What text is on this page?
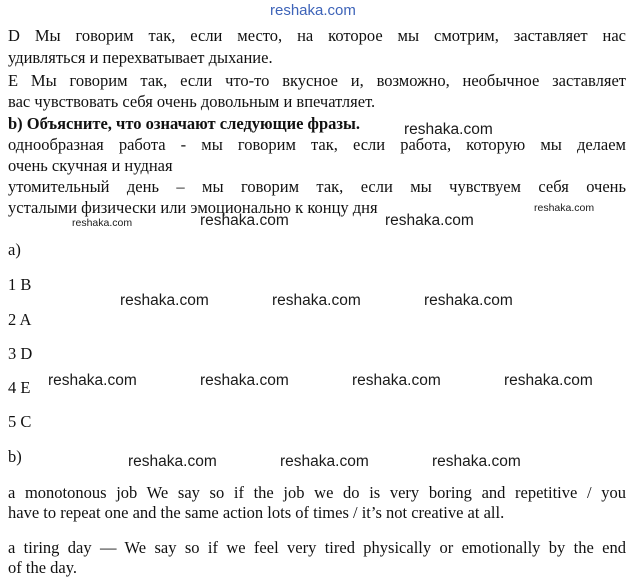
reshaka.com
D Мы говорим так, если место, на которое мы смотрим, заставляет нас
удивляться и перехватывает дыхание.
E Мы говорим так, если что-то вкусное и, возможно, необычное заставляет
вас чувствовать себя очень довольным и впечатляет.
b) Объясните, что означают следующие фразы.
однообразная работа - мы говорим так, если работа, которую мы делаем
очень скучная и нудная
утомительный день – мы говорим так, если мы чувствуем себя очень
усталыми физически или эмоционально к концу дня
a)
1 B
2 A
3 D
4 E
5 C
b)
a monotonous job We say so if the job we do is very boring and repetitive / you
have to repeat one and the same action lots of times / it’s not creative at all.
a tiring day — We say so if we feel very tired physically or emotionally by the end
of the day.
reshaka.com
reshaka.com
reshaka.com	reshaka.com	reshaka.com
reshaka.com	reshaka.com	reshaka.com
reshaka.com	reshaka.com	reshaka.com	reshaka.com
reshaka.com	reshaka.com	reshaka.com
